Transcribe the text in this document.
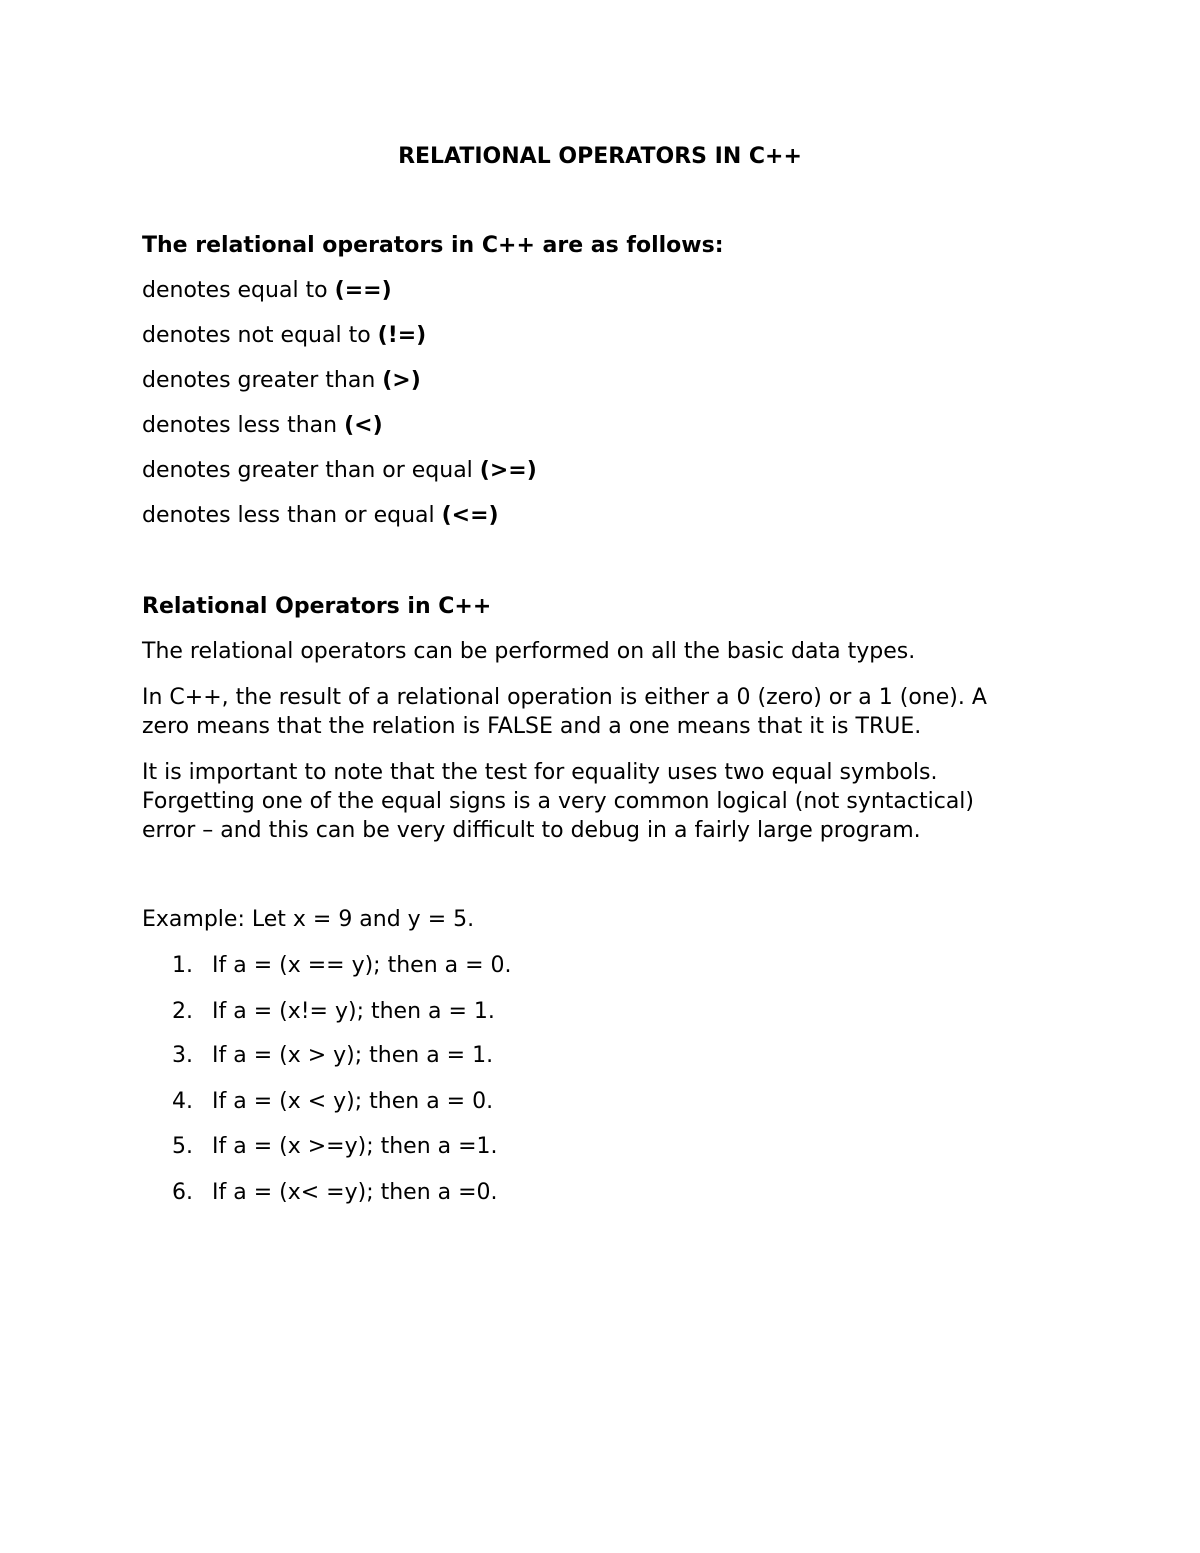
RELATIONAL OPERATORS IN C++
The relational operators in C++ are as follows:
denotes equal to (==)
denotes not equal to (!=)
denotes greater than (>)
denotes less than (<)
denotes greater than or equal (>=)
denotes less than or equal (<=)
Relational Operators in C++
The relational operators can be performed on all the basic data types.
In C++, the result of a relational operation is either a 0 (zero) or a 1 (one). A
zero means that the relation is FALSE and a one means that it is TRUE.
It is important to note that the test for equality uses two equal symbols.
Forgetting one of the equal signs is a very common logical (not syntactical)
error – and this can be very difficult to debug in a fairly large program.
Example: Let x = 9 and y = 5.
1. If a = (x == y); then a = 0.
2. If a = (x!= y); then a = 1.
3. If a = (x > y); then a = 1.
4. If a = (x < y); then a = 0.
5. If a = (x >=y); then a =1.
6. If a = (x< =y); then a =0.
